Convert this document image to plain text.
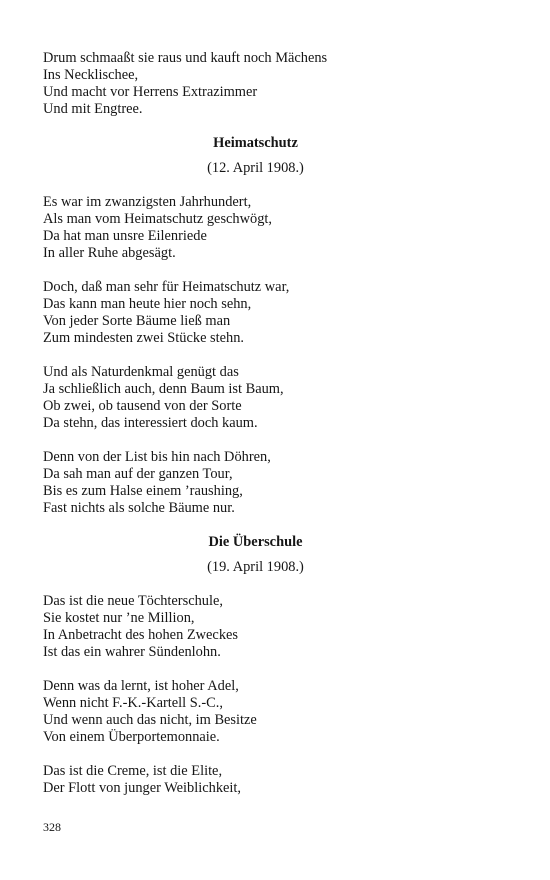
Drum schmaaßt sie raus und kauft noch Mächens
Ins Necklischee,
Und macht vor Herrens Extrazimmer
Und mit Engtree.
Heimatschutz
(12. April 1908.)
Es war im zwanzigsten Jahrhundert,
Als man vom Heimatschutz geschwögt,
Da hat man unsre Eilenriede
In aller Ruhe abgesägt.
Doch, daß man sehr für Heimatschutz war,
Das kann man heute hier noch sehn,
Von jeder Sorte Bäume ließ man
Zum mindesten zwei Stücke stehn.
Und als Naturdenkmal genügt das
Ja schließlich auch, denn Baum ist Baum,
Ob zwei, ob tausend von der Sorte
Da stehn, das interessiert doch kaum.
Denn von der List bis hin nach Döhren,
Da sah man auf der ganzen Tour,
Bis es zum Halse einem ’raushing,
Fast nichts als solche Bäume nur.
Die Überschule
(19. April 1908.)
Das ist die neue Töchterschule,
Sie kostet nur ’ne Million,
In Anbetracht des hohen Zweckes
Ist das ein wahrer Sündenlohn.
Denn was da lernt, ist hoher Adel,
Wenn nicht F.-K.-Kartell S.-C.,
Und wenn auch das nicht, im Besitze
Von einem Überportemonnaie.
Das ist die Creme, ist die Elite,
Der Flott von junger Weiblichkeit,
328
